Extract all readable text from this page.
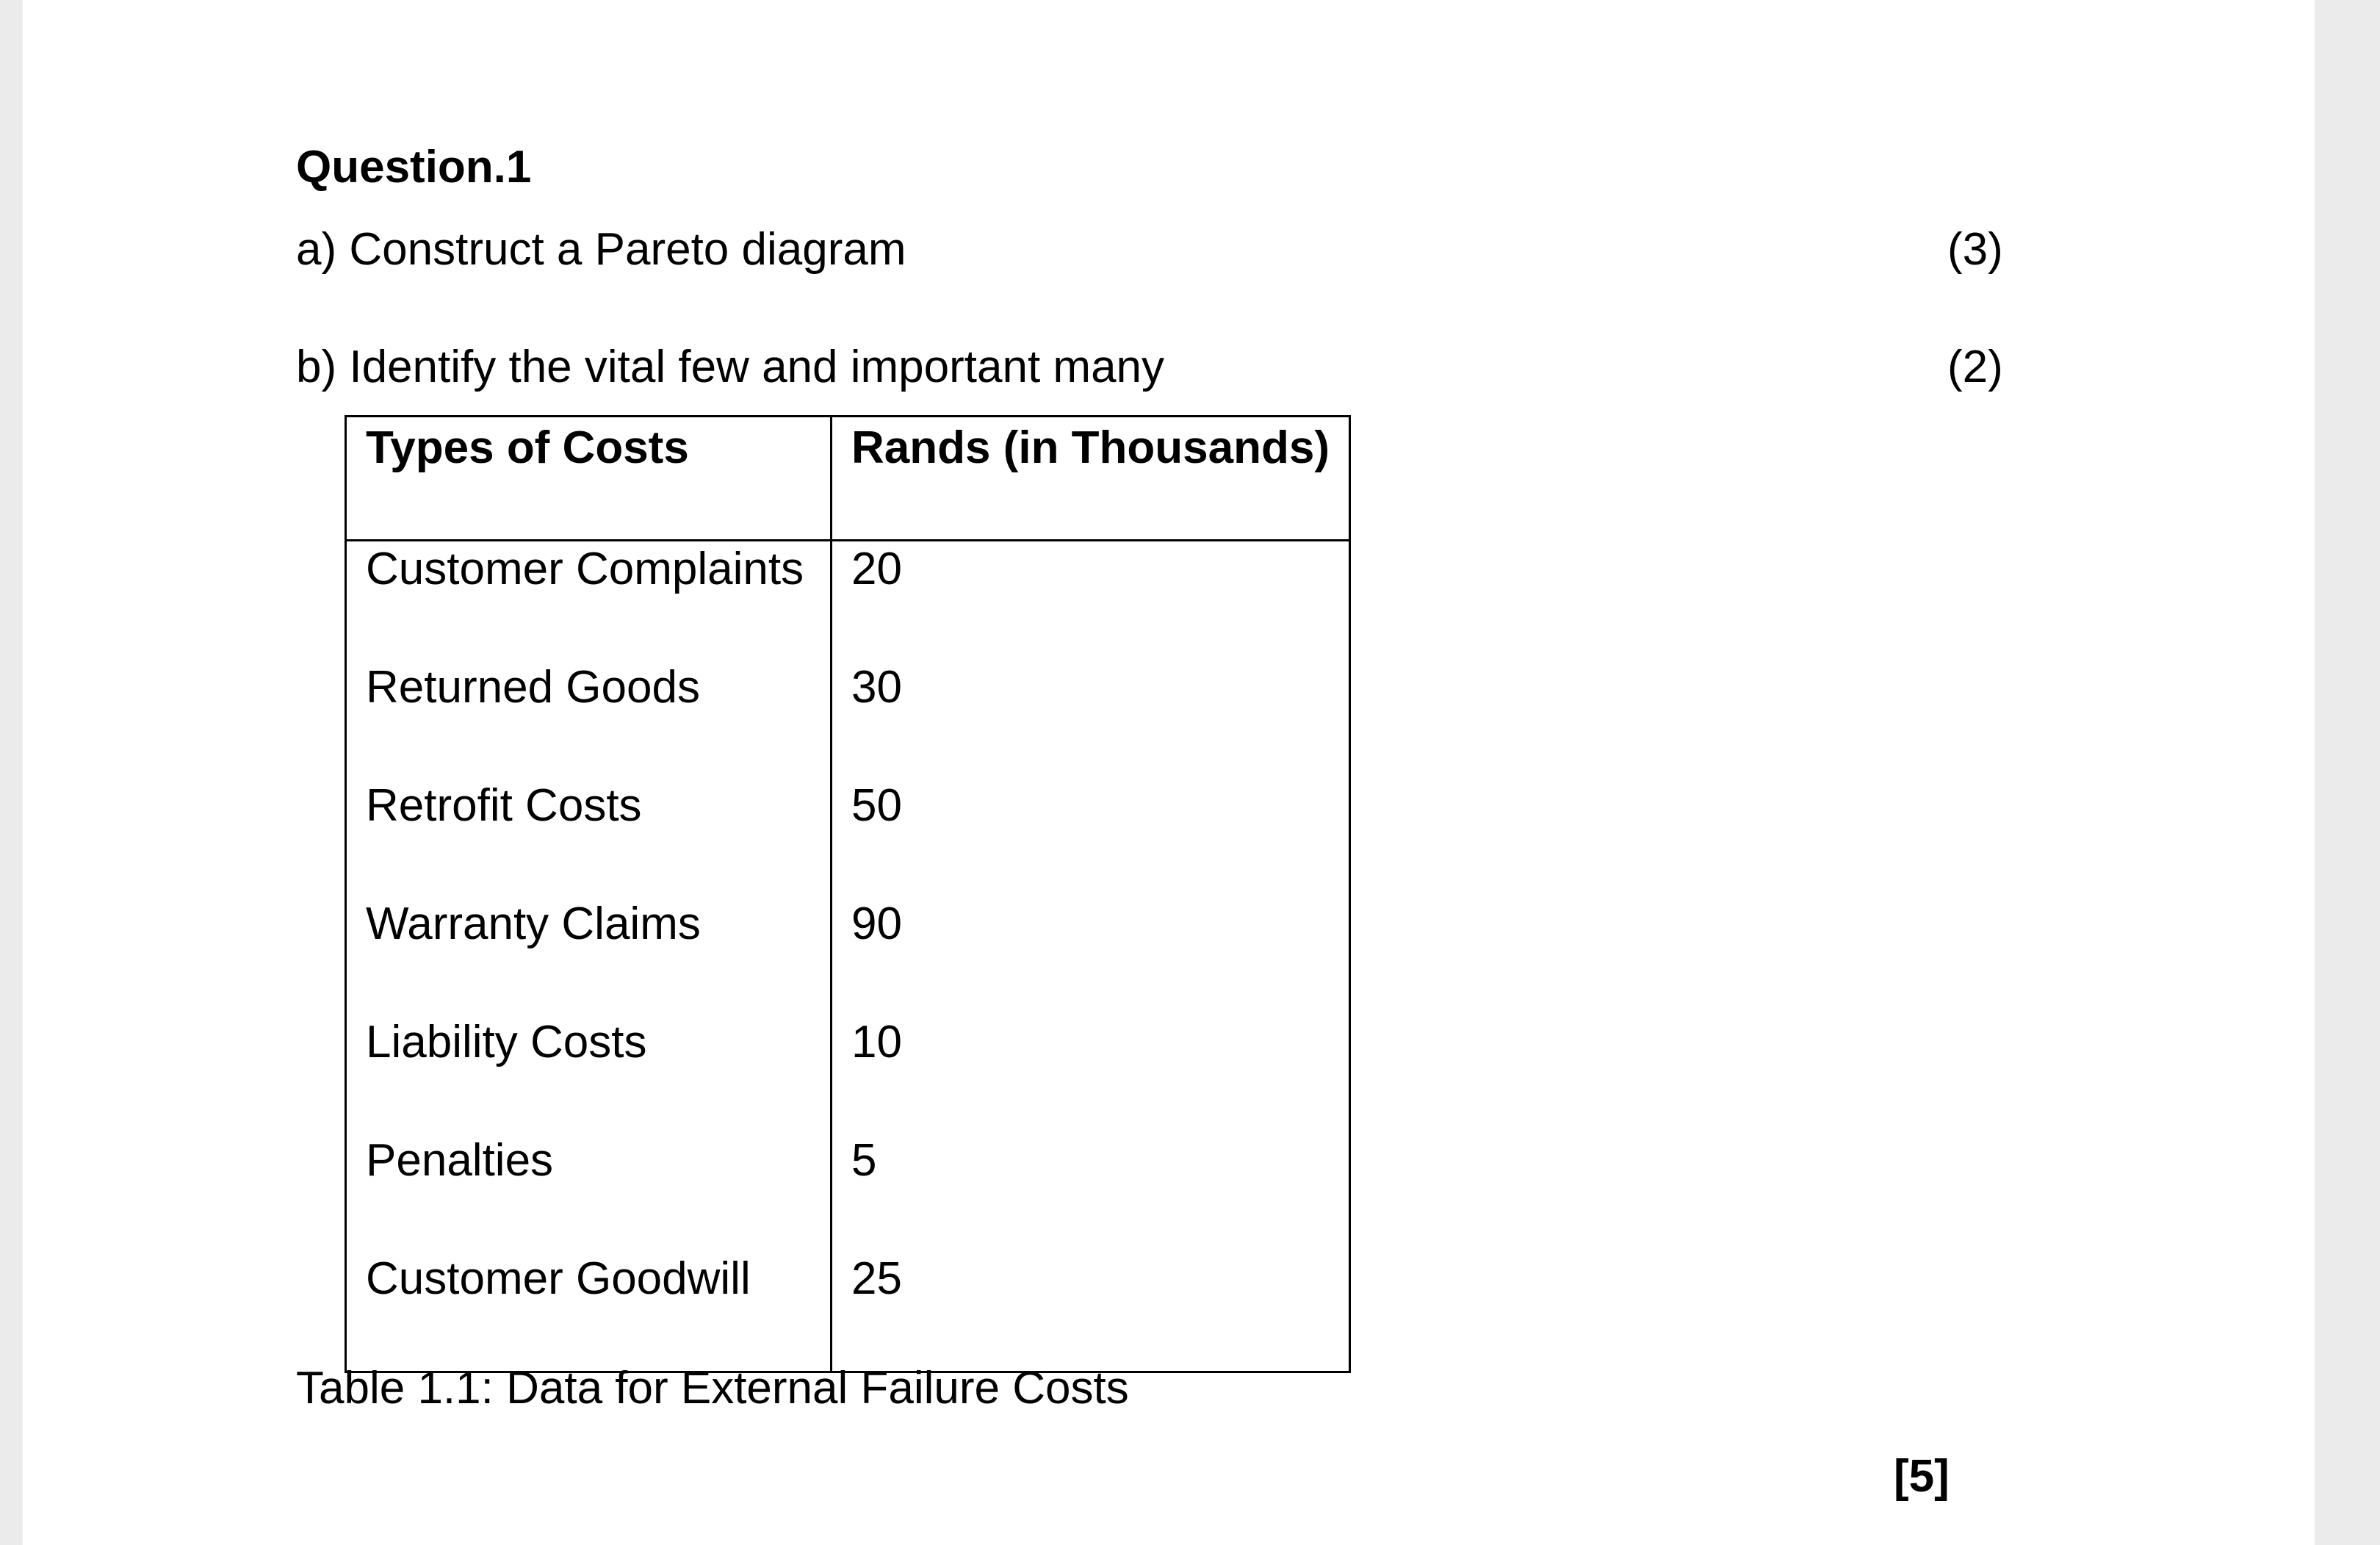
Question.1
a) Construct a Pareto diagram	(3)
b) Identify the vital few and important many	(2)
Types of Costs	Rands (in Thousands)
Customer Complaints	20
Returned Goods	30
Retrofit Costs	50
Warranty Claims	90
Liability Costs	10
Penalties	5
Customer Goodwill	25
Table 1.1: Data for External Failure Costs
[5]
